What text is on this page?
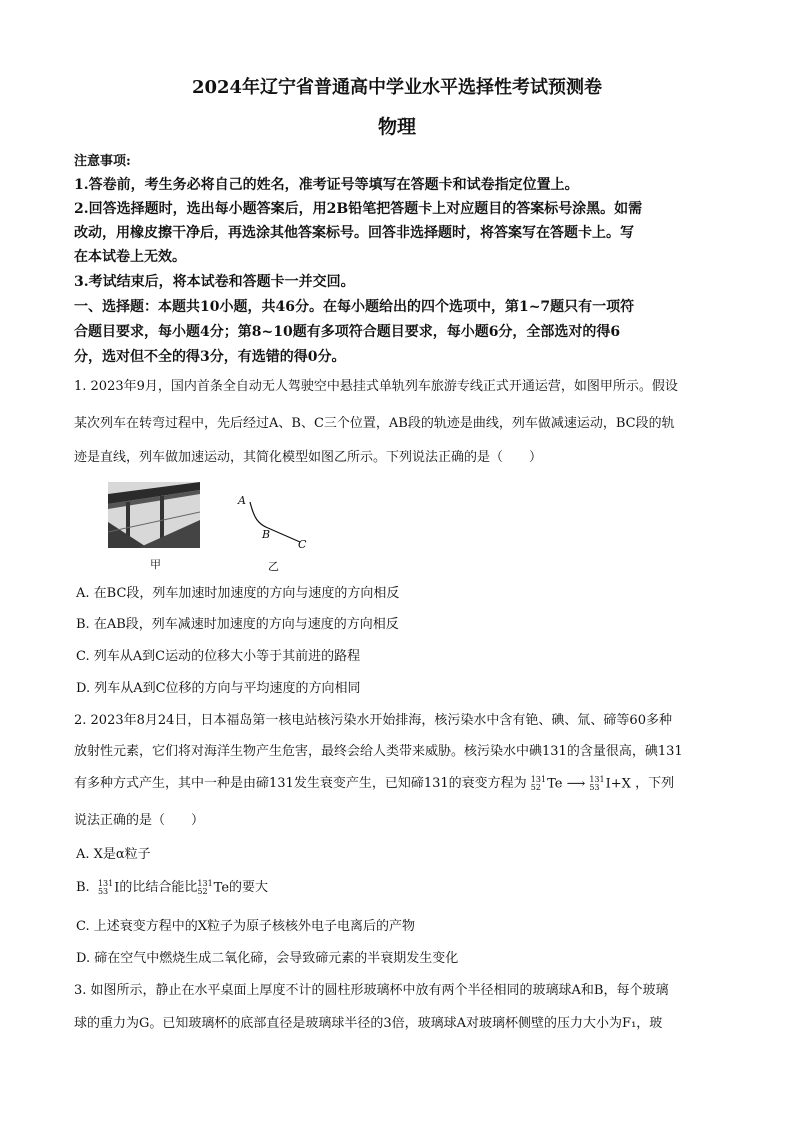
2024年辽宁省普通高中学业水平选择性考试预测卷
物理
注意事项:
1.答卷前，考生务必将自己的姓名，准考证号等填写在答题卡和试卷指定位置上。
2.回答选择题时，选出每小题答案后，用2B铅笔把答题卡上对应题目的答案标号涂黑。如需
改动，用橡皮擦干净后，再选涂其他答案标号。回答非选择题时，将答案写在答题卡上。写
在本试卷上无效。
3.考试结束后，将本试卷和答题卡一并交回。
一、选择题：本题共10小题，共46分。在每小题给出的四个选项中，第1~7题只有一项符
合题目要求，每小题4分；第8~10题有多项符合题目要求，每小题6分，全部选对的得6
分，选对但不全的得3分，有选错的得0分。
1. 2023年9月，国内首条全自动无人驾驶空中悬挂式单轨列车旅游专线正式开通运营，如图甲所示。假设
某次列车在转弯过程中，先后经过A、B、C三个位置，AB段的轨迹是曲线，列车做减速运动，BC段的轨
迹是直线，列车做加速运动，其简化模型如图乙所示。下列说法正确的是（　　）
甲
A
B
C
乙
A. 在BC段，列车加速时加速度的方向与速度的方向相反
B. 在AB段，列车减速时加速度的方向与速度的方向相反
C. 列车从A到C运动的位移大小等于其前进的路程
D. 列车从A到C位移的方向与平均速度的方向相同
2. 2023年8月24日，日本福岛第一核电站核污染水开始排海，核污染水中含有铯、碘、氚、碲等60多种
放射性元素，它们将对海洋生物产生危害，最终会给人类带来威胁。核污染水中碘131的含量很高，碘131
有多种方式产生，其中一种是由碲131发生衰变产生，已知碲131的衰变方程为 131
52 Te ⟶ 131
53 I+X ，下列
说法正确的是（　　）
A. X是α粒子
B. 131
53 I的比结合能比 131
52 Te的要大
C. 上述衰变方程中的X粒子为原子核核外电子电离后的产物
D. 碲在空气中燃烧生成二氧化碲，会导致碲元素的半衰期发生变化
3. 如图所示，静止在水平桌面上厚度不计的圆柱形玻璃杯中放有两个半径相同的玻璃球A和B，每个玻璃
球的重力为G。已知玻璃杯的底部直径是玻璃球半径的3倍，玻璃球A对玻璃杯侧壁的压力大小为F₁，玻
